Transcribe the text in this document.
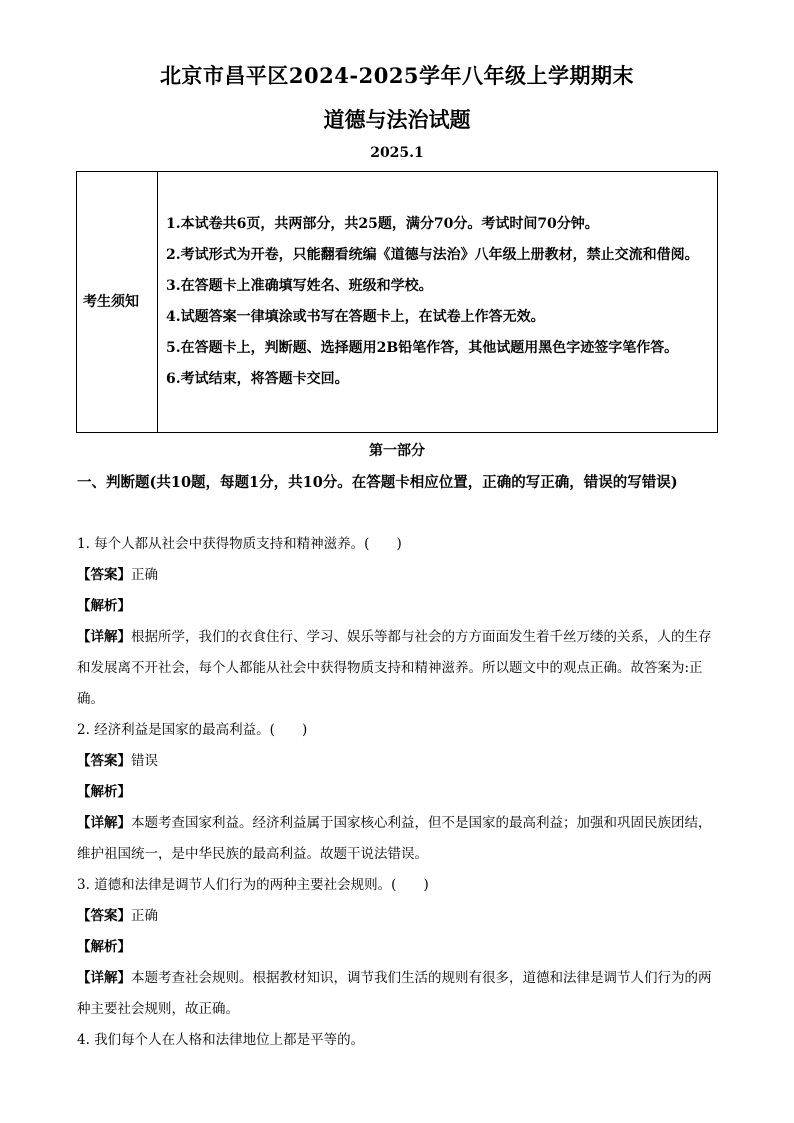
北京市昌平区2024-2025学年八年级上学期期末
道德与法治试题
2025.1
考生须知	
1.本试卷共6页，共两部分，共25题，满分70分。考试时间70分钟。
2.考试形式为开卷，只能翻看统编《道德与法治》八年级上册教材，禁止交流和借阅。
3.在答题卡上准确填写姓名、班级和学校。
4.试题答案一律填涂或书写在答题卡上，在试卷上作答无效。
5.在答题卡上，判断题、选择题用2B铅笔作答，其他试题用黑色字迹签字笔作答。
6.考试结束，将答题卡交回。
第一部分
一、判断题(共10题，每题1分，共10分。在答题卡相应位置，正确的写正确，错误的写错误)
1. 每个人都从社会中获得物质支持和精神滋养。(　　)
【答案】正确
【解析】
【详解】根据所学，我们的衣食住行、学习、娱乐等都与社会的方方面面发生着千丝万缕的关系，人的生存和发展离不开社会，每个人都能从社会中获得物质支持和精神滋养。所以题文中的观点正确。故答案为:正确。
2. 经济利益是国家的最高利益。(　　)
【答案】错误
【解析】
【详解】本题考查国家利益。经济利益属于国家核心利益，但不是国家的最高利益；加强和巩固民族团结，维护祖国统一，是中华民族的最高利益。故题干说法错误。
3. 道德和法律是调节人们行为的两种主要社会规则。(　　)
【答案】正确
【解析】
【详解】本题考查社会规则。根据教材知识，调节我们生活的规则有很多，道德和法律是调节人们行为的两种主要社会规则，故正确。
4. 我们每个人在人格和法律地位上都是平等的。
